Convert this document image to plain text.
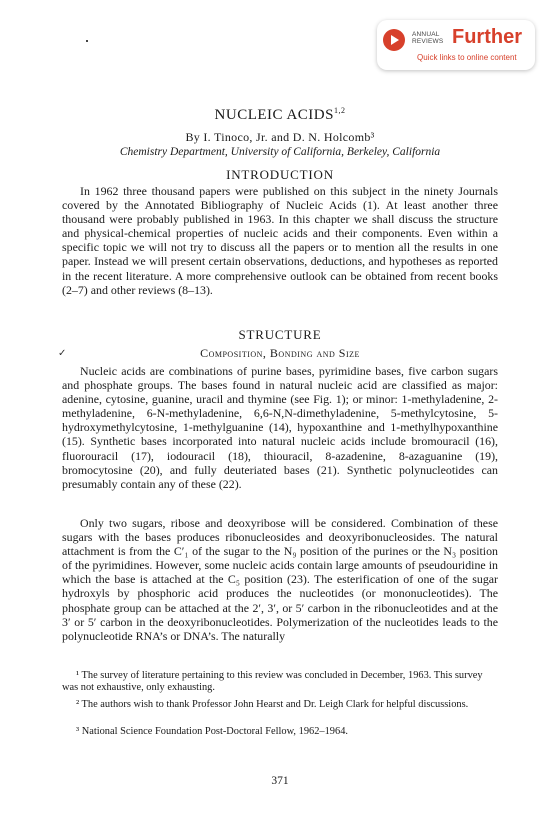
ANNUAL
REVIEWS Further
Quick links to online content
NUCLEIC ACIDS$^{1,2}$
By I. Tinoco, Jr. and D. N. Holcomb³
Chemistry Department, University of California, Berkeley, California
INTRODUCTION

In 1962 three thousand papers were published on this subject in the ninety Journals covered by the Annotated Bibliography of Nucleic Acids (1). At least another three thousand were probably published in 1963. In this chapter we shall discuss the structure and physical-chemical properties of nucleic acids and their components. Even within a specific topic we will not try to discuss all the papers or to mention all the results in one paper. Instead we will present certain observations, deductions, and hypotheses as reported in the recent literature. A more comprehensive outlook can be obtained from recent books (2–7) and other reviews (8–13).

STRUCTURE
✓	Composition, Bonding and Size

Nucleic acids are combinations of purine bases, pyrimidine bases, five carbon sugars and phosphate groups. The bases found in natural nucleic acid are classified as major: adenine, cytosine, guanine, uracil and thymine (see Fig. 1); or minor: 1-methyladenine, 2-methyladenine, 6-N-methyladenine, 6,6-N,N-dimethyladenine, 5-methylcytosine, 5-hydroxymethylcytosine, 1-methylguanine (14), hypoxanthine and 1-methylhypoxanthine (15). Synthetic bases incorporated into natural nucleic acids include bromouracil (16), fluorouracil (17), iodouracil (18), thiouracil, 8-azadenine, 8-azaguanine (19), bromocytosine (20), and fully deuteriated bases (21). Synthetic polynucleotides can presumably contain any of these (22).

Only two sugars, ribose and deoxyribose will be considered. Combination of these sugars with the bases produces ribonucleosides and deoxyribonucleosides. The natural attachment is from the C′₁ of the sugar to the N₉ position of the purines or the N₃ position of the pyrimidines. However, some nucleic acids contain large amounts of pseudouridine in which the base is attached at the C₅ position (23). The esterification of one of the sugar hydroxyls by phosphoric acid produces the nucleotides (or mononucleotides). The phosphate group can be attached at the 2′, 3′, or 5′ carbon in the ribonucleotides and at the 3′ or 5′ carbon in the deoxyribonucleotides. Polymerization of the nucleotides leads to the polynucleotide RNA’s or DNA’s. The naturally

¹ The survey of literature pertaining to this review was concluded in December, 1963. This survey was not exhaustive, only exhausting.

² The authors wish to thank Professor John Hearst and Dr. Leigh Clark for helpful discussions.

³ National Science Foundation Post-Doctoral Fellow, 1962–1964.

371
